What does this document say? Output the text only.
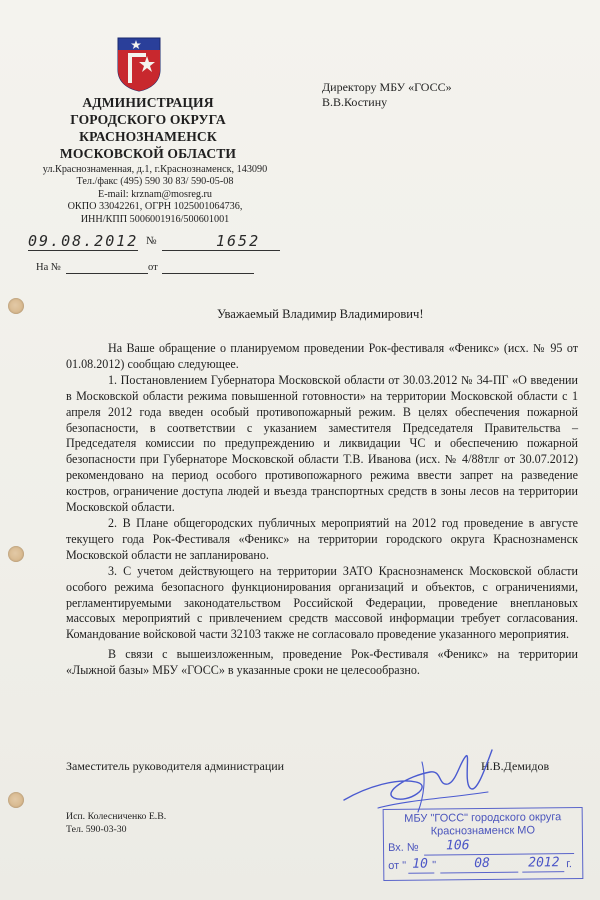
АДМИНИСТРАЦИЯ
ГОРОДСКОГО ОКРУГА
КРАСНОЗНАМЕНСК
МОСКОВСКОЙ ОБЛАСТИ
ул.Краснознаменная, д.1, г.Краснознаменск, 143090
Тел./факс (495) 590 30 83/ 590-05-08
E-mail: krznam@mosreg.ru
ОКПО 33042261, ОГРН 1025001064736,
ИНН/КПП 5006001916/500601001
09.08.2012 №	1652
На №	от
Директору МБУ «ГОСС»
В.В.Костину
Уважаемый Владимир Владимирович!

На Ваше обращение о планируемом проведении Рок-фестиваля «Феникс» (исх. № 95 от 01.08.2012) сообщаю следующее.

1. Постановлением Губернатора Московской области от 30.03.2012 № 34-ПГ «О введении в Московской области режима повышенной готовности» на территории Московской области с 1 апреля 2012 года введен особый противопожарный режим. В целях обеспечения пожарной безопасности, в соответствии с указанием заместителя Председателя Правительства – Председателя комиссии по предупреждению и ликвидации ЧС и обеспечению пожарной безопасности при Губернаторе Московской области Т.В. Иванова (исх. № 4/88тлг от 30.07.2012) рекомендовано на период особого противопожарного режима ввести запрет на разведение костров, ограничение доступа людей и въезда транспортных средств в зоны лесов на территории Московской области.

2. В Плане общегородских публичных мероприятий на 2012 год проведение в августе текущего года Рок-Фестиваля «Феникс» на территории городского округа Краснознаменск Московской области не запланировано.

3. С учетом действующего на территории ЗАТО Краснознаменск Московской области особого режима безопасного функционирования организаций и объектов, с ограничениями, регламентируемыми законодательством Российской Федерации, проведение внеплановых массовых мероприятий с привлечением средств массовой информации требует согласования. Командование войсковой части 32103 также не согласовало проведение указанного мероприятия.

В связи с вышеизложенным, проведение Рок-Фестиваля «Феникс» на территории «Лыжной базы» МБУ «ГОСС» в указанные сроки не целесообразно.

Заместитель руководителя администрации	Н.В.Демидов
Исп. Колесниченко Е.В.
Тел. 590-03-30
МБУ "ГОСС" городского округа
Краснознаменск МО
Вх. № 106
от " 10 "	08	2012 г.
